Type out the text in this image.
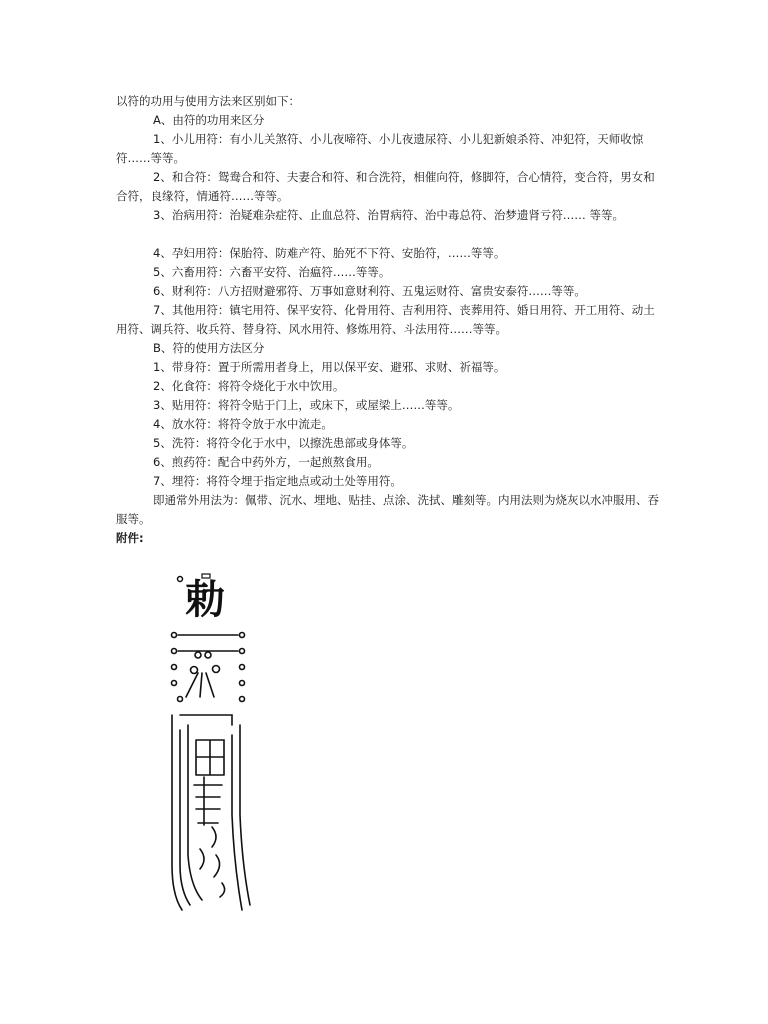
以符的功用与使用方法来区别如下：

A、由符的功用来区分

1、小儿用符：有小儿关煞符、小儿夜啼符、小儿夜遗尿符、小儿犯新娘杀符、冲犯符，天师收惊符……等等。

2、和合符：鸳鸯合和符、夫妻合和符、和合洗符，相催向符，修脚符，合心情符，变合符，男女和合符，良缘符，情通符……等等。

3、治病用符：治疑难杂症符、止血总符、治胃病符、治中毒总符、治梦遗肾亏符…… 等等。

4、孕妇用符：保胎符、防难产符、胎死不下符、安胎符，……等等。

5、六畜用符：六畜平安符、治瘟符……等等。

6、财利符：八方招财避邪符、万事如意财利符、五鬼运财符、富贵安泰符……等等。

7、其他用符：镇宅用符、保平安符、化骨用符、吉利用符、丧葬用符、婚日用符、开工用符、动土用符、调兵符、收兵符、替身符、风水用符、修炼用符、斗法用符……等等。

B、符的使用方法区分

1、带身符：置于所需用者身上，用以保平安、避邪、求财、祈福等。

2、化食符：将符令烧化于水中饮用。

3、贴用符：将符令贴于门上，或床下，或屋梁上……等等。

4、放水符：将符令放于水中流走。

5、洗符：将符令化于水中，以擦洗患部或身体等。

6、煎药符：配合中药外方，一起煎熬食用。

7、埋符：将符令埋于指定地点或动土处等用符。

即通常外用法为：佩带、沉水、埋地、贴挂、点涂、洗拭、雕刻等。内用法则为烧灰以水冲服用、吞服等。

附件:

勅
